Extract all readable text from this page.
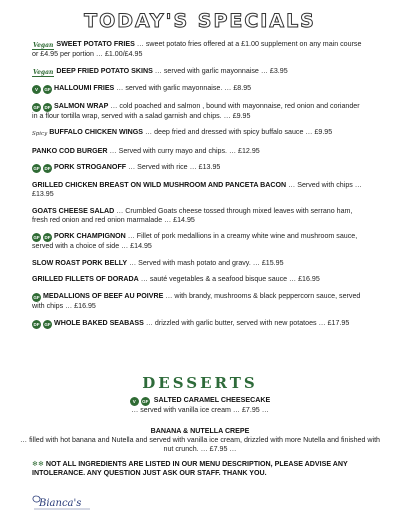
TODAY'S SPECIALS
Vegan SWEET POTATO FRIES … sweet potato fries offered at a £1.00 supplement on any main course or £4.95 per portion … £1.00/£4.95
Vegan DEEP FRIED POTATO SKINS … served with garlic mayonnaise … £3.95
V GF HALLOUMI FRIES … served with garlic mayonnaise. … £8.95
GF DF SALMON WRAP … cold poached and salmon , bound with mayonnaise, red onion and coriander in a flour tortilla wrap, served with a salad garnish and chips. … £9.95
Spicy BUFFALO CHICKEN WINGS … deep fried and dressed with spicy buffalo sauce … £9.95
PANKO COD BURGER … Served with curry mayo and chips. … £12.95
GF DF PORK STROGANOFF … Served with rice … £13.95
GRILLED CHICKEN BREAST ON WILD MUSHROOM AND PANCETA BACON … Served with chips … £13.95
GOATS CHEESE SALAD … Crumbled Goats cheese tossed through mixed leaves with serrano ham, fresh red onion and red onion marmalade … £14.95
GF DF PORK CHAMPIGNON … Fillet of pork medallions in a creamy white wine and mushroom sauce, served with a choice of side … £14.95
SLOW ROAST PORK BELLY … Served with mash potato and gravy. … £15.95
GRILLED FILLETS OF DORADA … sauté vegetables & a seafood bisque sauce … £16.95
GF MEDALLIONS OF BEEF AU POIVRE … with brandy, mushrooms & black peppercorn sauce, served with chips … £16.95
DF GF WHOLE BAKED SEABASS … drizzled with garlic butter, served with new potatoes … £17.95
DESSERTS
V GF SALTED CARAMEL CHEESECAKE
… served with vanilla ice cream … £7.95 …
BANANA & NUTELLA CREPE
… filled with hot banana and Nutella and served with vanilla ice cream, drizzled with more Nutella and finished with nut crunch. … £7.95 …
❄❄ NOT ALL INGREDIENTS ARE LISTED IN OUR MENU DESCRIPTION, PLEASE ADVISE ANY INTOLERANCE. ANY QUESTION JUST ASK OUR STAFF. THANK YOU.
Bianca's
